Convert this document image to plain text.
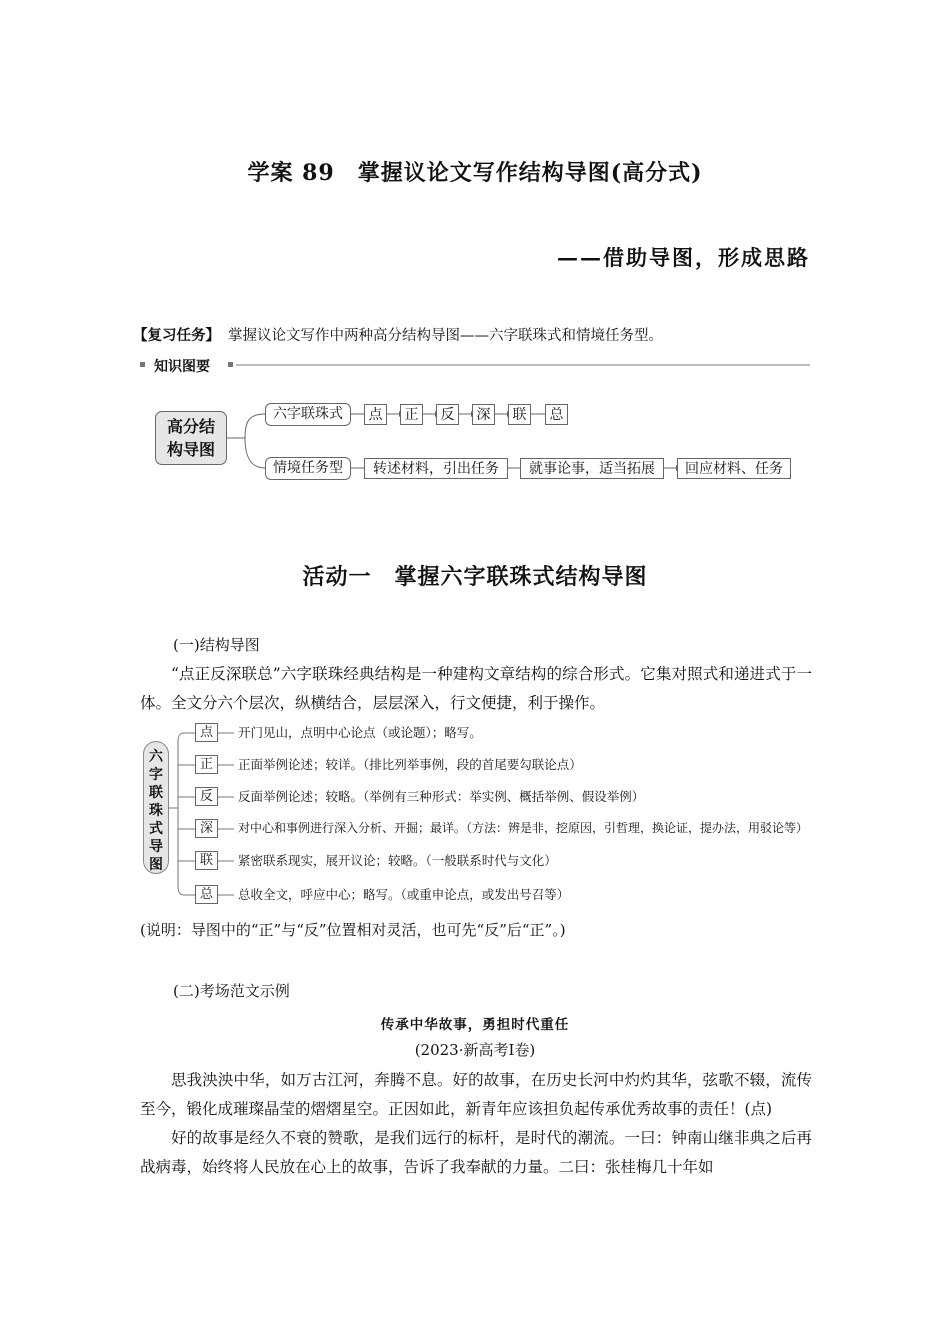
学案 89　掌握议论文写作结构导图(高分式)
——借助导图，形成思路
【复习任务】 掌握议论文写作中两种高分结构导图——六字联珠式和情境任务型。
知识图要
高分结
构导图
六字联珠式	点	正	反	深	联	总
情境任务型	转述材料，引出任务	就事论事，适当拓展	回应材料、任务
活动一　掌握六字联珠式结构导图
(一)结构导图

“点正反深联总”六字联珠经典结构是一种建构文章结构的综合形式。它集对照式和递进式于一体。全文分六个层次，纵横结合，层层深入，行文便捷，利于操作。

六
字
联
珠
式
导
图
点	开门见山，点明中心论点（或论题）；略写。
正	正面举例论述；较详。（排比列举事例，段的首尾要勾联论点）
反	反面举例论述；较略。（举例有三种形式：举实例、概括举例、假设举例）
深	对中心和事例进行深入分析、开掘；最详。（方法：辨是非，挖原因，引哲理，换论证，提办法，用驳论等）
联	紧密联系现实，展开议论；较略。（一般联系时代与文化）
总	总收全文，呼应中心；略写。（或重申论点，或发出号召等）
(说明：导图中的“正”与“反”位置相对灵活，也可先“反”后“正”。)
(二)考场范文示例
传承中华故事，勇担时代重任
(2023·新高考Ⅰ卷)

思我泱泱中华，如万古江河，奔腾不息。好的故事，在历史长河中灼灼其华，弦歌不辍，流传至今，锻化成璀璨晶莹的熠熠星空。正因如此，新青年应该担负起传承优秀故事的责任！(点)

好的故事是经久不衰的赞歌，是我们远行的标杆，是时代的潮流。一曰：钟南山继非典之后再战病毒，始终将人民放在心上的故事，告诉了我奉献的力量。二曰：张桂梅几十年如
